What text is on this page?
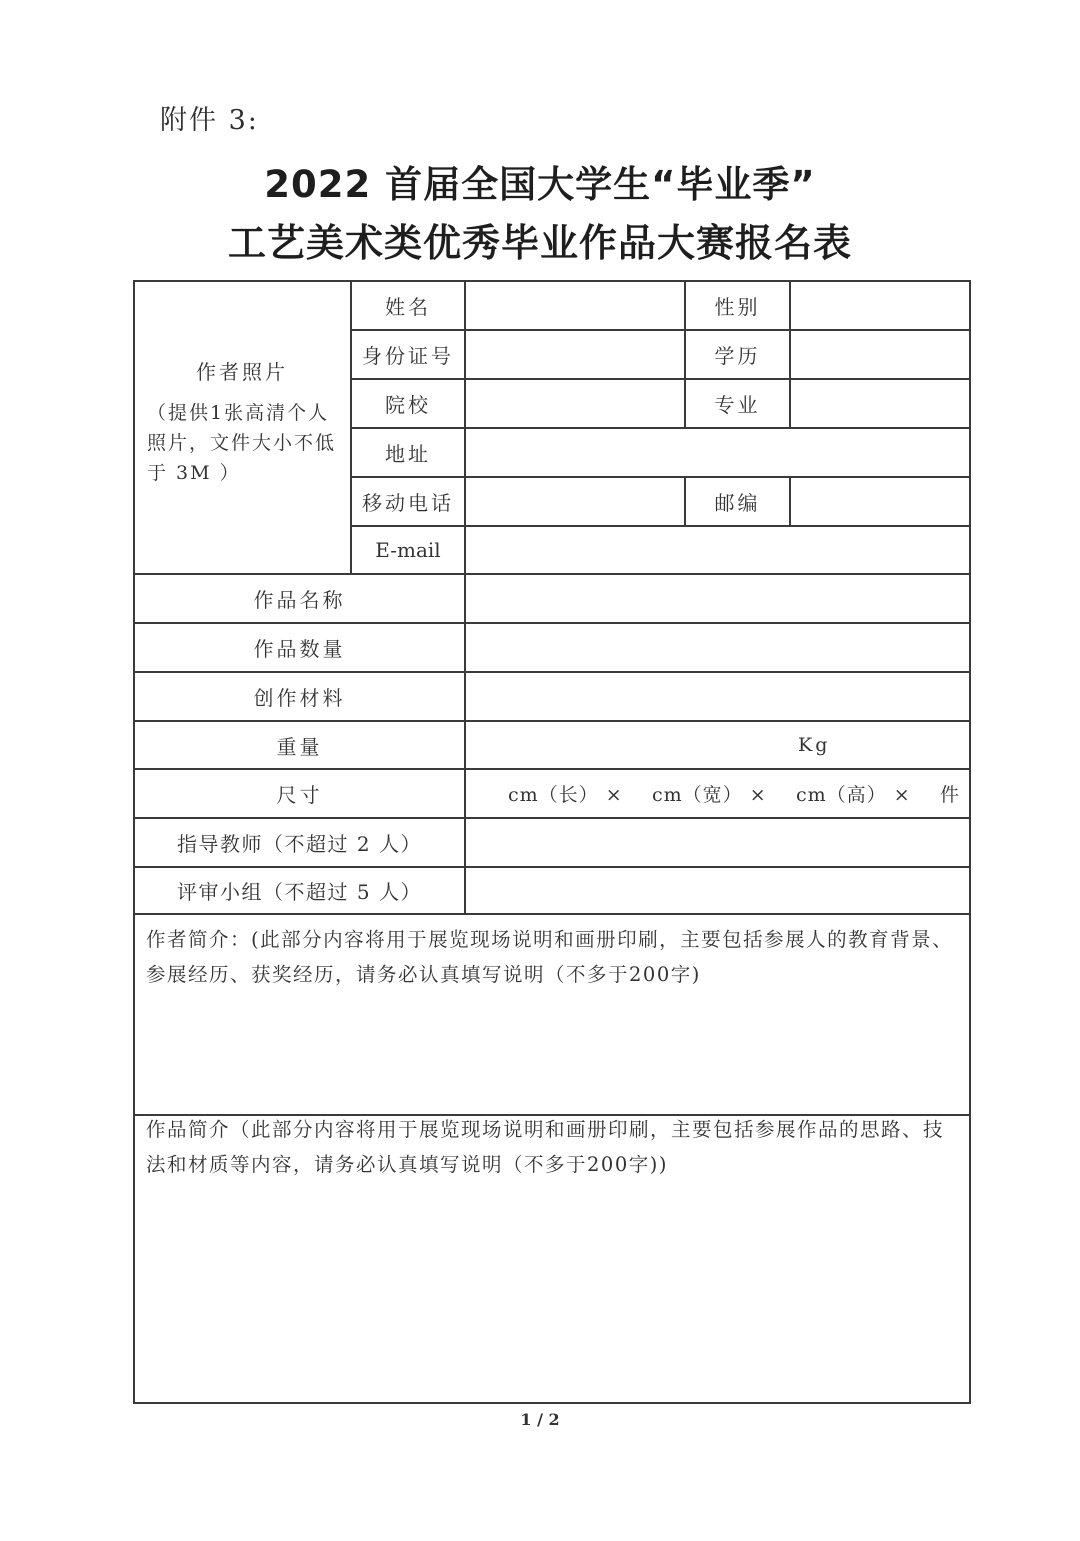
附件 3:
2022 首届全国大学生“毕业季”
工艺美术类优秀毕业作品大赛报名表
作者照片
（提供1张高清个人照片，文件大小不低于 3M ）
姓名	性别
身份证号	学历
院校	专业
地址
移动电话	邮编
E-mail
作品名称
作品数量
创作材料
重量	Kg
尺寸	cm（长） × cm（宽） × cm（高） × 件
指导教师（不超过 2 人）
评审小组（不超过 5 人）
作者简介：(此部分内容将用于展览现场说明和画册印刷，主要包括参展人的教育背景、参展经历、获奖经历，请务必认真填写说明（不多于200字)
作品简介（此部分内容将用于展览现场说明和画册印刷，主要包括参展作品的思路、技法和材质等内容，请务必认真填写说明（不多于200字))
1 / 2
